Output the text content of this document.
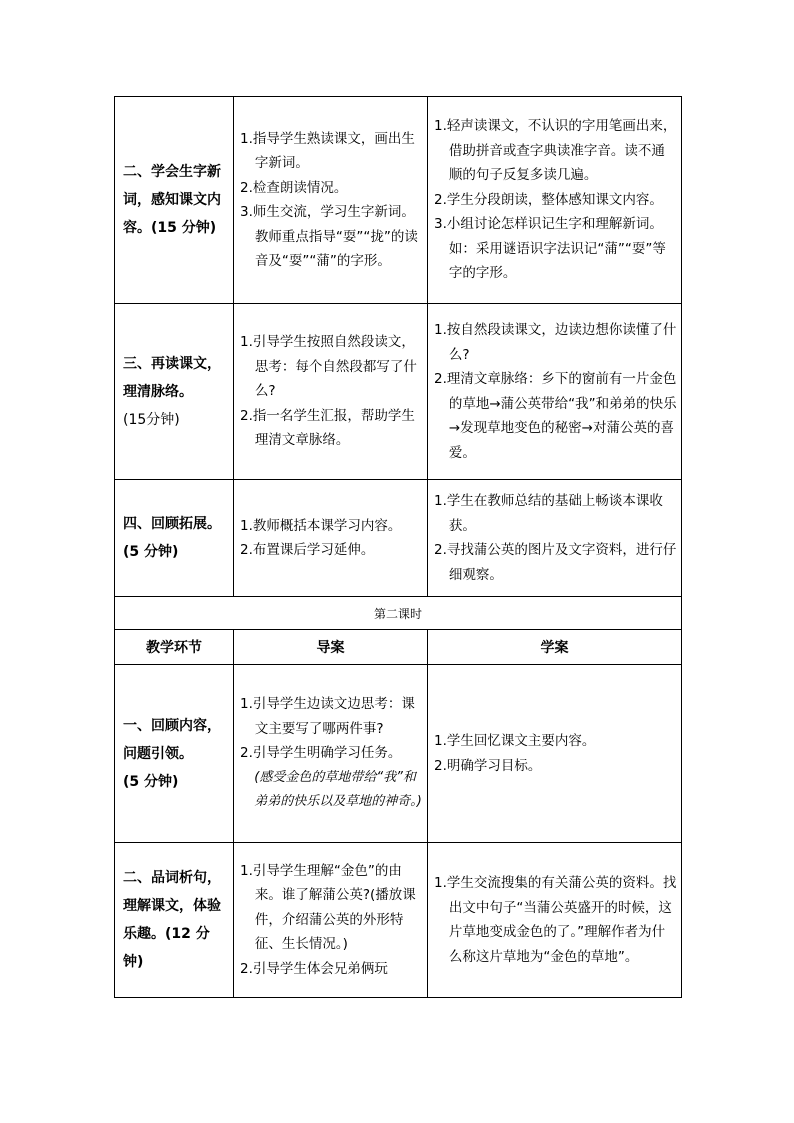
二、学会生字新
词，感知课文内
容。(15 分钟)	1.指导学生熟读课文，画出生字新词。
2.检查朗读情况。
3.师生交流，学习生字新词。教师重点指导“耍”“拢”的读音及“耍”“蒲”的字形。	1.轻声读课文，不认识的字用笔画出来，借助拼音或查字典读准字音。读不通顺的句子反复多读几遍。
2.学生分段朗读，整体感知课文内容。
3.小组讨论怎样识记生字和理解新词。如：采用谜语识字法识记“蒲”“耍”等字的字形。

三、再读课文，
理清脉络。
(15分钟)	1.引导学生按照自然段读文，思考：每个自然段都写了什么?
2.指一名学生汇报，帮助学生理清文章脉络。	1.按自然段读课文，边读边想你读懂了什么?
2.理清文章脉络：乡下的窗前有一片金色的草地→蒲公英带给“我”和弟弟的快乐→发现草地变色的秘密→对蒲公英的喜爱。

四、回顾拓展。
(5 分钟)	1.教师概括本课学习内容。
2.布置课后学习延伸。	1.学生在教师总结的基础上畅谈本课收获。
2.寻找蒲公英的图片及文字资料，进行仔细观察。

第二课时		
教学环节	导案	学案

一、回顾内容，
问题引领。
(5 分钟)	1.引导学生边读文边思考：课文主要写了哪两件事?
2.引导学生明确学习任务。
(感受金色的草地带给“我”和弟弟的快乐以及草地的神奇。)	1.学生回忆课文主要内容。
2.明确学习目标。

二、品词析句，
理解课文，体验
乐趣。(12 分钟)	1.引导学生理解“金色”的由来。谁了解蒲公英?(播放课件，介绍蒲公英的外形特征、生长情况。)
2.引导学生体会兄弟俩玩	1.学生交流搜集的有关蒲公英的资料。找出文中句子“当蒲公英盛开的时候，这片草地变成金色的了。”理解作者为什么称这片草地为“金色的草地”。
